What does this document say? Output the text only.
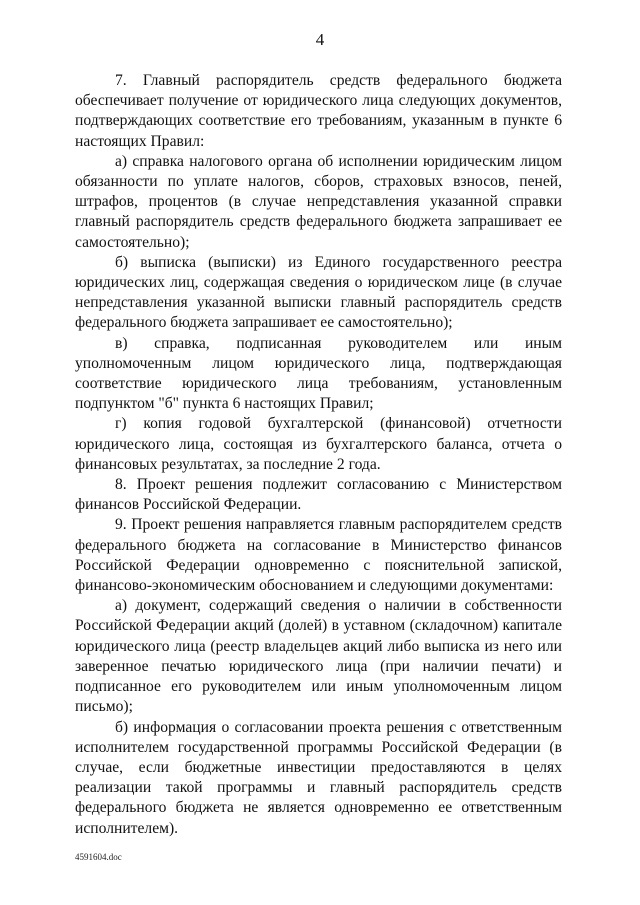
4

7. Главный распорядитель средств федерального бюджета обеспечивает получение от юридического лица следующих документов, подтверждающих соответствие его требованиям, указанным в пункте 6 настоящих Правил:

а) справка налогового органа об исполнении юридическим лицом обязанности по уплате налогов, сборов, страховых взносов, пеней, штрафов, процентов (в случае непредставления указанной справки главный распорядитель средств федерального бюджета запрашивает ее самостоятельно);

б) выписка (выписки) из Единого государственного реестра юридических лиц, содержащая сведения о юридическом лице (в случае непредставления указанной выписки главный распорядитель средств федерального бюджета запрашивает ее самостоятельно);

в) справка, подписанная руководителем или иным уполномоченным лицом юридического лица, подтверждающая соответствие юридического лица требованиям, установленным подпунктом "б" пункта 6 настоящих Правил;

г) копия годовой бухгалтерской (финансовой) отчетности юридического лица, состоящая из бухгалтерского баланса, отчета о финансовых результатах, за последние 2 года.

8. Проект решения подлежит согласованию с Министерством финансов Российской Федерации.

9. Проект решения направляется главным распорядителем средств федерального бюджета на согласование в Министерство финансов Российской Федерации одновременно с пояснительной запиской, финансово-экономическим обоснованием и следующими документами:

а) документ, содержащий сведения о наличии в собственности Российской Федерации акций (долей) в уставном (складочном) капитале юридического лица (реестр владельцев акций либо выписка из него или заверенное печатью юридического лица (при наличии печати) и подписанное его руководителем или иным уполномоченным лицом письмо);

б) информация о согласовании проекта решения с ответственным исполнителем государственной программы Российской Федерации (в случае, если бюджетные инвестиции предоставляются в целях реализации такой программы и главный распорядитель средств федерального бюджета не является одновременно ее ответственным исполнителем).

4591604.doc
